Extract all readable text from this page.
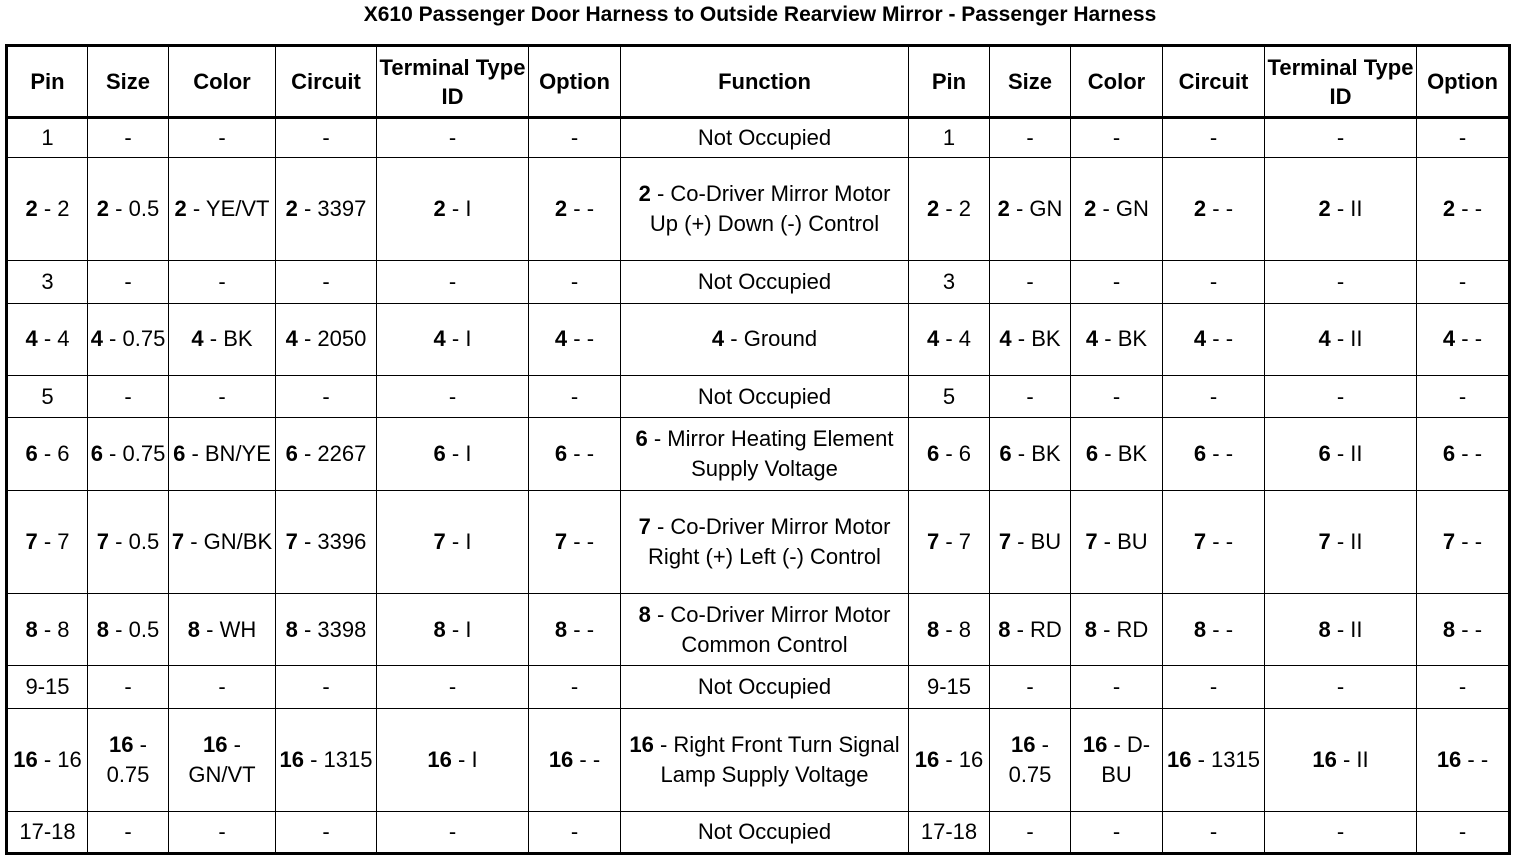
X610 Passenger Door Harness to Outside Rearview Mirror - Passenger Harness
Pin	Size	Color	Circuit	Terminal Type ID	Option	Function	Pin	Size	Color	Circuit	Terminal Type ID	Option
1	-	-	-	-	-	Not Occupied	1	-	-	-	-	-
2 - 2	2 - 0.5	2 - YE/VT	2 - 3397	2 - I	2 - -	2 - Co-Driver Mirror Motor Up (+) Down (-) Control	2 - 2	2 - GN	2 - GN	2 - -	2 - II	2 - -
3	-	-	-	-	-	Not Occupied	3	-	-	-	-	-
4 - 4	4 - 0.75	4 - BK	4 - 2050	4 - I	4 - -	4 - Ground	4 - 4	4 - BK	4 - BK	4 - -	4 - II	4 - -
5	-	-	-	-	-	Not Occupied	5	-	-	-	-	-
6 - 6	6 - 0.75	6 - BN/YE	6 - 2267	6 - I	6 - -	6 - Mirror Heating Element Supply Voltage	6 - 6	6 - BK	6 - BK	6 - -	6 - II	6 - -
7 - 7	7 - 0.5	7 - GN/BK	7 - 3396	7 - I	7 - -	7 - Co-Driver Mirror Motor Right (+) Left (-) Control	7 - 7	7 - BU	7 - BU	7 - -	7 - II	7 - -
8 - 8	8 - 0.5	8 - WH	8 - 3398	8 - I	8 - -	8 - Co-Driver Mirror Motor Common Control	8 - 8	8 - RD	8 - RD	8 - -	8 - II	8 - -
9-15	-	-	-	-	-	Not Occupied	9-15	-	-	-	-	-
16 - 16	16 - 0.75	16 - GN/VT	16 - 1315	16 - I	16 - -	16 - Right Front Turn Signal Lamp Supply Voltage	16 - 16	16 - 0.75	16 - D-BU	16 - 1315	16 - II	16 - -
17-18	-	-	-	-	-	Not Occupied	17-18	-	-	-	-	-
